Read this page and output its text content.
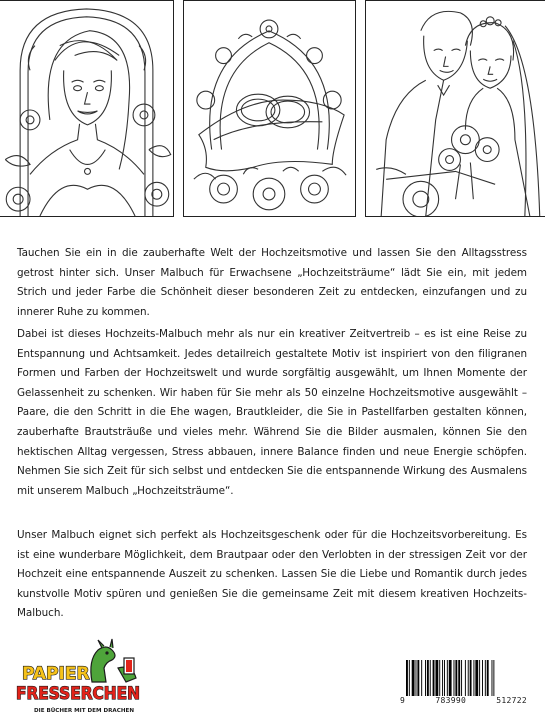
Tauchen Sie ein in die zauberhafte Welt der Hochzeitsmotive und lassen Sie den Alltagsstress getrost hinter sich. Unser Malbuch für Erwachsene „Hochzeitsträume“ lädt Sie ein, mit jedem Strich und jeder Farbe die Schönheit dieser besonderen Zeit zu entdecken, einzufangen und zu innerer Ruhe zu kommen.
Dabei ist dieses Hochzeits-Malbuch mehr als nur ein kreativer Zeitvertreib – es ist eine Reise zu Entspannung und Achtsamkeit. Jedes detailreich gestaltete Motiv ist inspiriert von den filigranen Formen und Farben der Hochzeitswelt und wurde sorgfältig ausgewählt, um Ihnen Momente der Gelassenheit zu schenken. Wir haben für Sie mehr als 50 einzelne Hochzeitsmotive ausgewählt – Paare, die den Schritt in die Ehe wagen, Brautkleider, die Sie in Pastellfarben gestalten können, zauberhafte Brautsträuße und vieles mehr. Während Sie die Bilder ausmalen, können Sie den hektischen Alltag vergessen, Stress abbauen, innere Balance finden und neue Energie schöpfen. Nehmen Sie sich Zeit für sich selbst und entdecken Sie die entspannende Wirkung des Ausmalens mit unserem Malbuch „Hochzeitsträume“.
Unser Malbuch eignet sich perfekt als Hochzeitsgeschenk oder für die Hochzeitsvorbereitung. Es ist eine wunderbare Möglichkeit, dem Brautpaar oder den Verlobten in der stressigen Zeit vor der Hochzeit eine entspannende Auszeit zu schenken. Lassen Sie die Liebe und Romantik durch jedes kunstvolle Motiv spüren und genießen Sie die gemeinsame Zeit mit diesem kreativen Hochzeits-Malbuch.
PAPIER
FRESSERCHEN
DIE BÜCHER MIT DEM DRACHEN
9	783990	512722
